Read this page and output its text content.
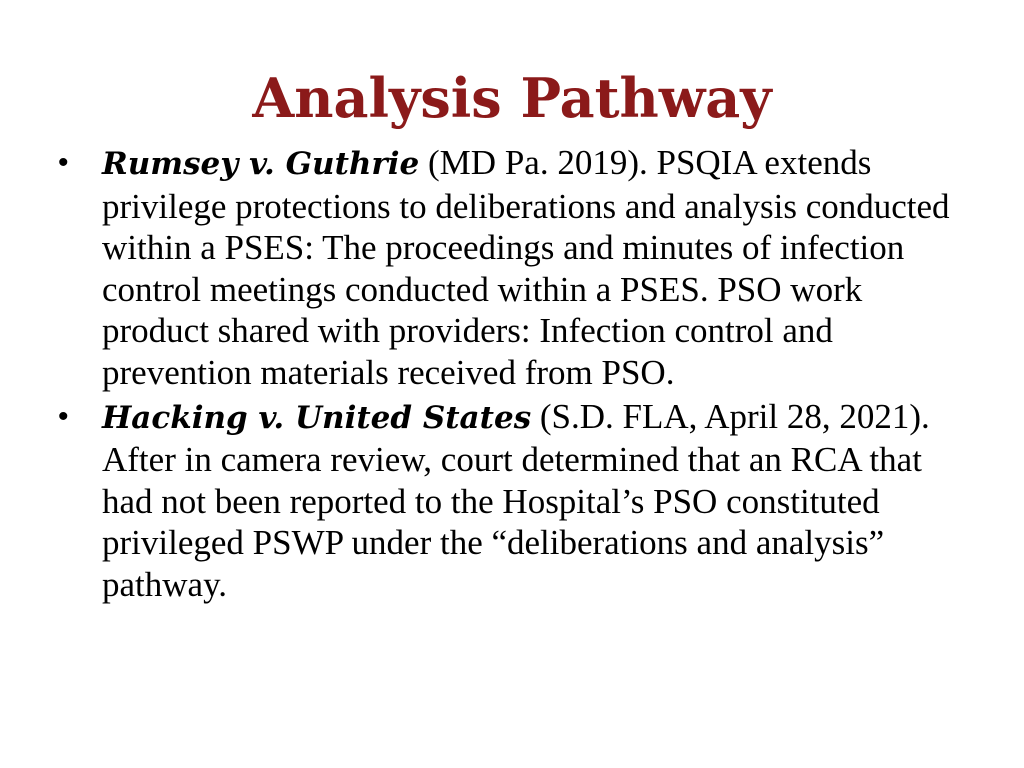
Analysis Pathway
•	Rumsey v. Guthrie (MD Pa. 2019). PSQIA extends privilege protections to deliberations and analysis conducted within a PSES: The proceedings and minutes of infection control meetings conducted within a PSES. PSO work product shared with providers: Infection control and prevention materials received from PSO.
•	Hacking v. United States (S.D. FLA, April 28, 2021). After in camera review, court determined that an RCA that had not been reported to the Hospital’s PSO constituted privileged PSWP under the “deliberations and analysis” pathway.
